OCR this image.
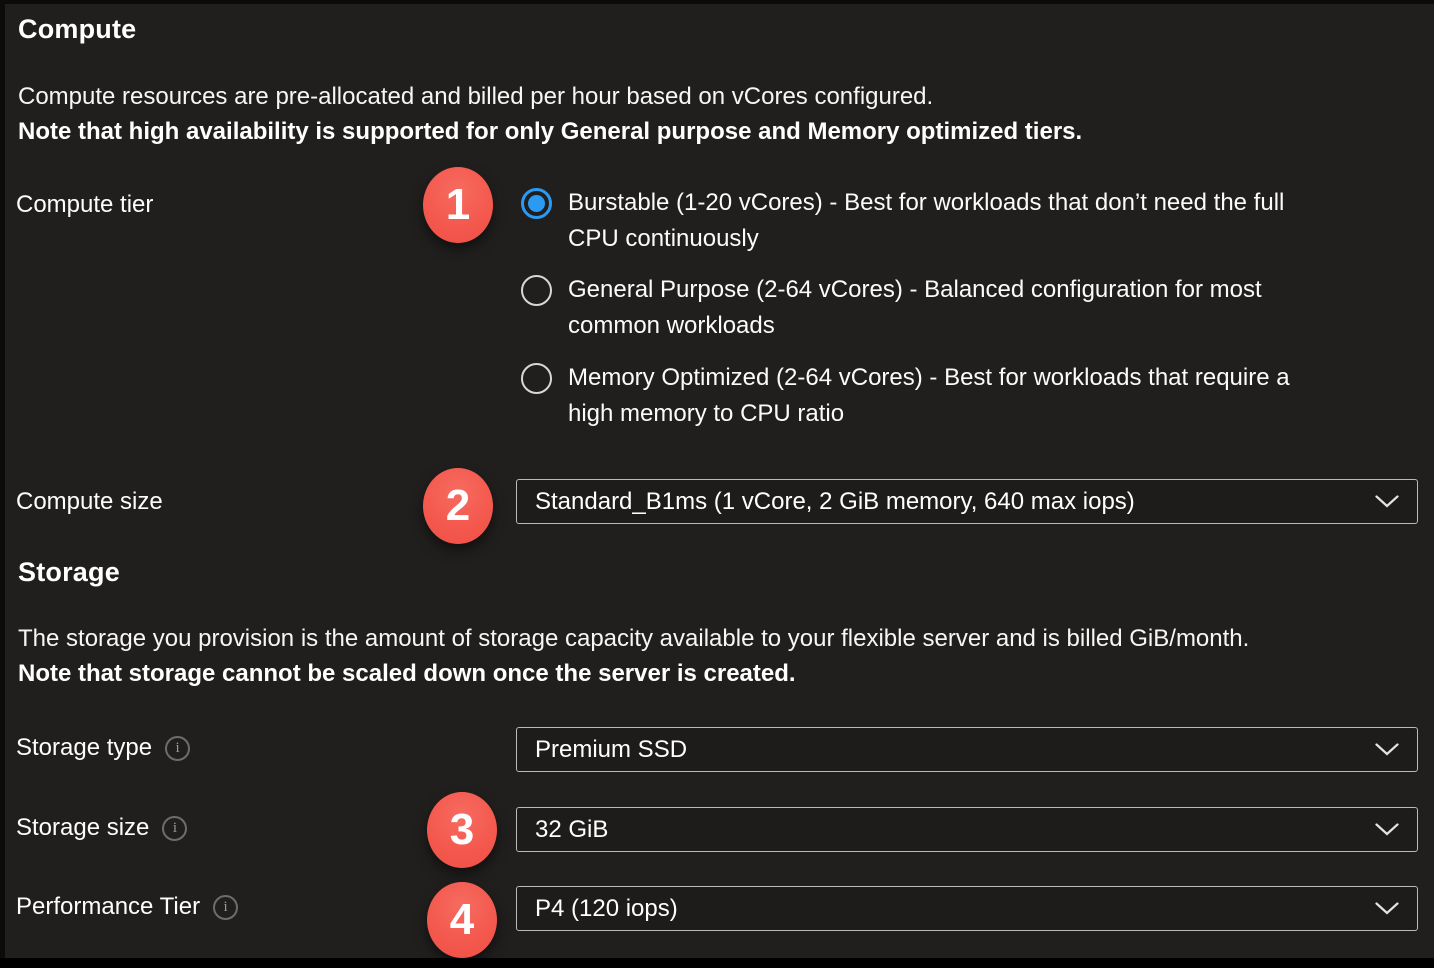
Compute
Compute resources are pre-allocated and billed per hour based on vCores configured.
Note that high availability is supported for only General purpose and Memory optimized tiers.
Compute tier	1	Burstable (1-20 vCores) - Best for workloads that don’t need the full
CPU continuously
General Purpose (2-64 vCores) - Balanced configuration for most
common workloads
Memory Optimized (2-64 vCores) - Best for workloads that require a
high memory to CPU ratio
Compute size	2	Standard_B1ms (1 vCore, 2 GiB memory, 640 max iops)
Storage
The storage you provision is the amount of storage capacity available to your flexible server and is billed GiB/month.
Note that storage cannot be scaled down once the server is created.
Storage type i	Premium SSD
Storage size i	3	32 GiB
Performance Tier i	4	P4 (120 iops)
